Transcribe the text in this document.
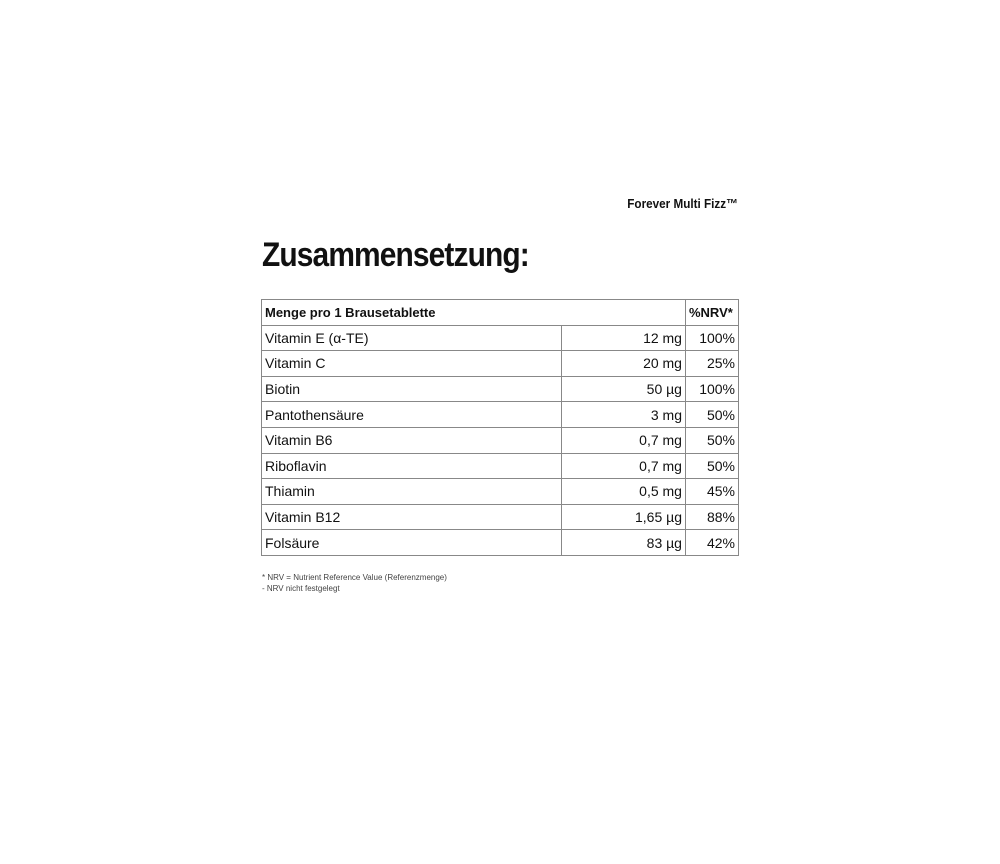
Forever Multi Fizz™
Zusammensetzung:
Menge pro 1 Brausetablette		%NRV*
Vitamin E (α-TE)	12 mg	100%
Vitamin C	20 mg	25%
Biotin	50 µg	100%
Pantothensäure	3 mg	50%
Vitamin B6	0,7 mg	50%
Riboflavin	0,7 mg	50%
Thiamin	0,5 mg	45%
Vitamin B12	1,65 µg	88%
Folsäure	83 µg	42%
* NRV = Nutrient Reference Value (Referenzmenge)
- NRV nicht festgelegt
